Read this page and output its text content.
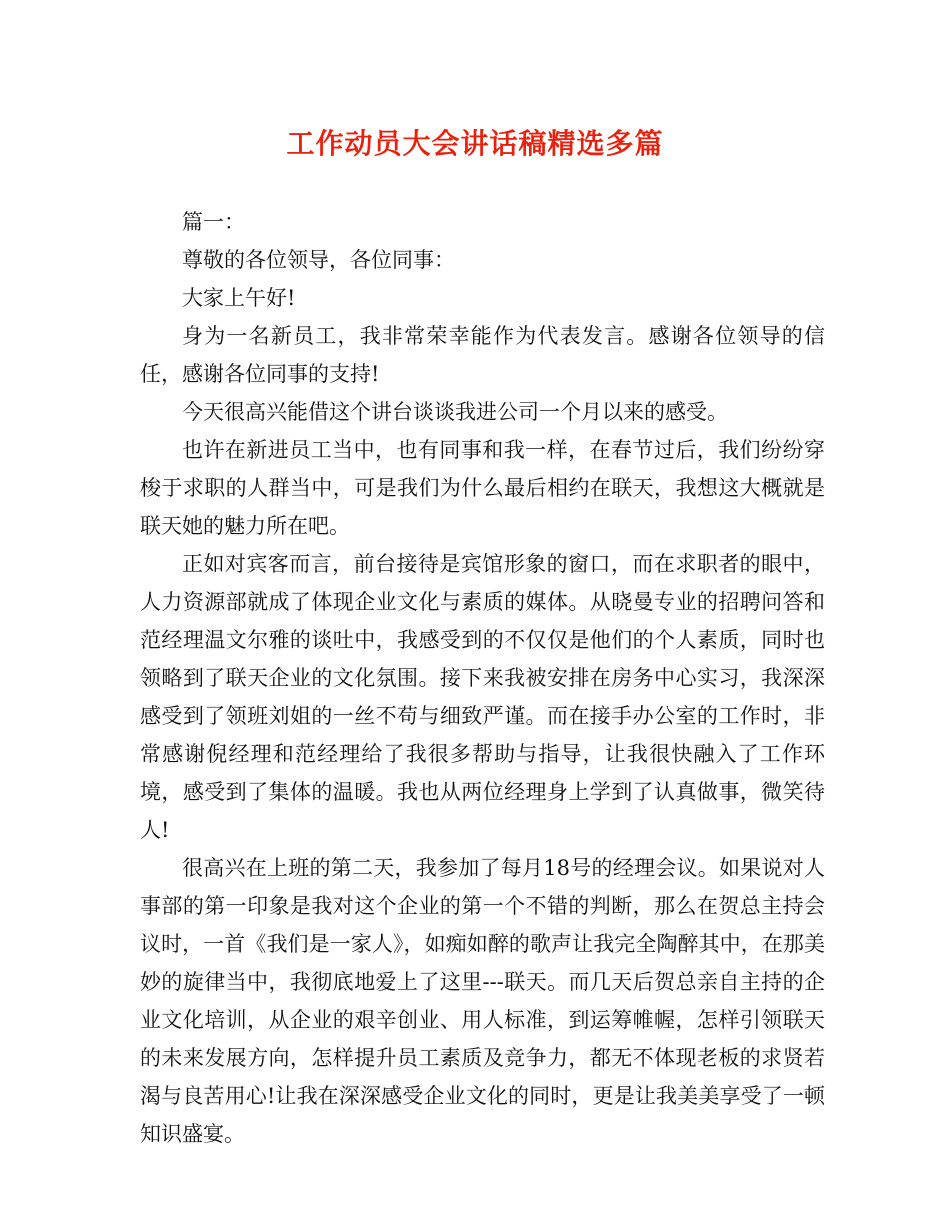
工作动员大会讲话稿精选多篇

篇一：

尊敬的各位领导，各位同事：

大家上午好!

身为一名新员工，我非常荣幸能作为代表发言。感谢各位领导的信任，感谢各位同事的支持!

今天很高兴能借这个讲台谈谈我进公司一个月以来的感受。

也许在新进员工当中，也有同事和我一样，在春节过后，我们纷纷穿梭于求职的人群当中，可是我们为什么最后相约在联天，我想这大概就是联天她的魅力所在吧。

正如对宾客而言，前台接待是宾馆形象的窗口，而在求职者的眼中，人力资源部就成了体现企业文化与素质的媒体。从晓曼专业的招聘问答和范经理温文尔雅的谈吐中，我感受到的不仅仅是他们的个人素质，同时也领略到了联天企业的文化氛围。接下来我被安排在房务中心实习，我深深感受到了领班刘姐的一丝不苟与细致严谨。而在接手办公室的工作时，非常感谢倪经理和范经理给了我很多帮助与指导，让我很快融入了工作环境，感受到了集体的温暖。我也从两位经理身上学到了认真做事，微笑待人!

很高兴在上班的第二天，我参加了每月18号的经理会议。如果说对人事部的第一印象是我对这个企业的第一个不错的判断，那么在贺总主持会议时，一首《我们是一家人》，如痴如醉的歌声让我完全陶醉其中，在那美妙的旋律当中，我彻底地爱上了这里---联天。而几天后贺总亲自主持的企业文化培训，从企业的艰辛创业、用人标准，到运筹帷幄，怎样引领联天的未来发展方向，怎样提升员工素质及竞争力，都无不体现老板的求贤若渴与良苦用心!让我在深深感受企业文化的同时，更是让我美美享受了一顿知识盛宴。
